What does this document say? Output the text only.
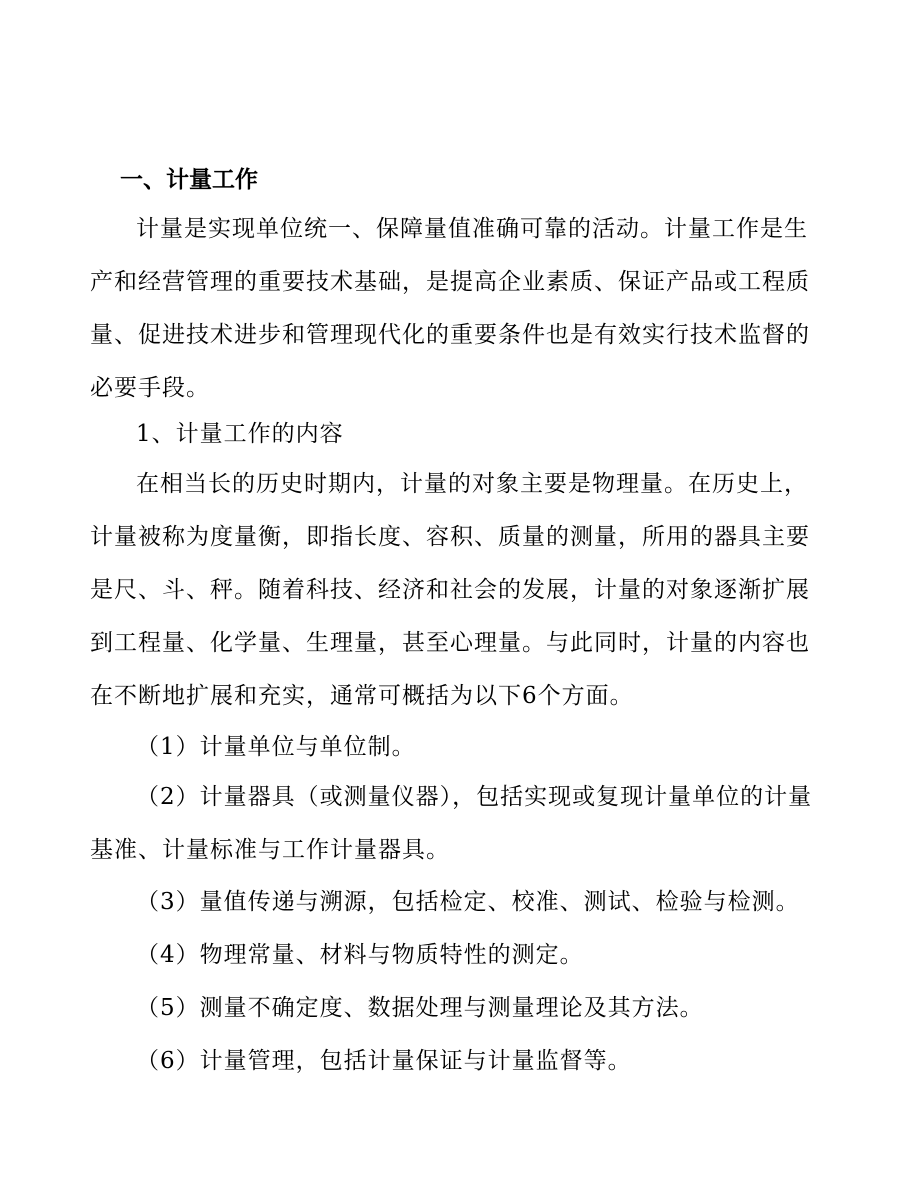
一、计量工作

计量是实现单位统一、保障量值准确可靠的活动。计量工作是生产和经营管理的重要技术基础，是提高企业素质、保证产品或工程质量、促进技术进步和管理现代化的重要条件也是有效实行技术监督的必要手段。

1、计量工作的内容

在相当长的历史时期内，计量的对象主要是物理量。在历史上，计量被称为度量衡，即指长度、容积、质量的测量，所用的器具主要是尺、斗、秤。随着科技、经济和社会的发展，计量的对象逐渐扩展到工程量、化学量、生理量，甚至心理量。与此同时，计量的内容也在不断地扩展和充实，通常可概括为以下6个方面。

（1）计量单位与单位制。

（2）计量器具（或测量仪器），包括实现或复现计量单位的计量基准、计量标准与工作计量器具。

（3）量值传递与溯源，包括检定、校准、测试、检验与检测。
（4）物理常量、材料与物质特性的测定。
（5）测量不确定度、数据处理与测量理论及其方法。
（6）计量管理，包括计量保证与计量监督等。
